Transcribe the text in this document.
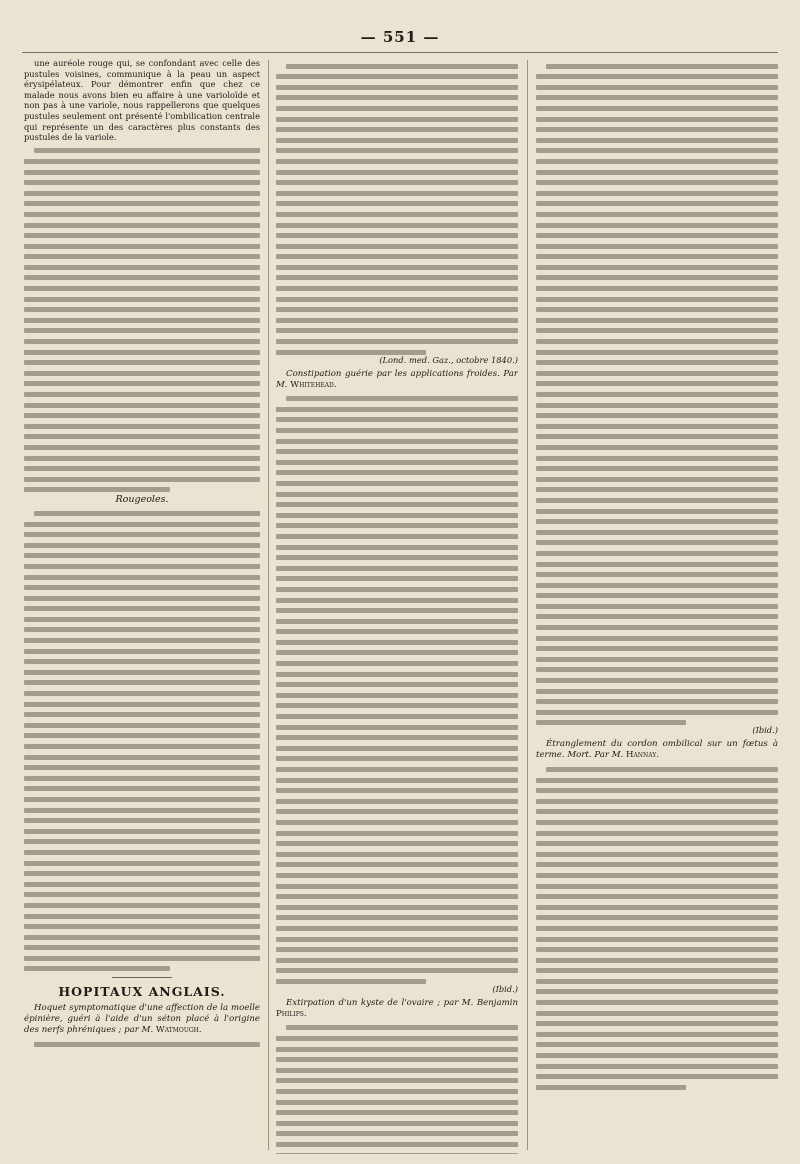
— 551 —

une auréole rouge qui, se confondant avec celle des pustules voisines, communique à la peau un aspect érysipélateux. Pour démontrer enfin que chez ce malade nous avons bien eu affaire à une varioloïde et non pas à une variole, nous rappellerons que quelques pustules seulement ont présenté l'ombilication centrale qui représente un des caractères plus constants des pustules de la variole.

Rougeoles.
HOPITAUX ANGLAIS.
Hoquet symptomatique d'une affection de la moelle épinière, guéri à l'aide d'un séton placé à l'origine des nerfs phréniques ; par M. Watmough.
(Lond. med. Gaz., octobre 1840.)
Constipation guérie par les applications froides. Par M. Whitehead.
(Ibid.)
Extirpation d'un kyste de l'ovaire ; par M. Benjamin Philips.
(Ibid.)
Étranglement du cordon ombilical sur un fœtus à terme. Mort. Par M. Hannay.
